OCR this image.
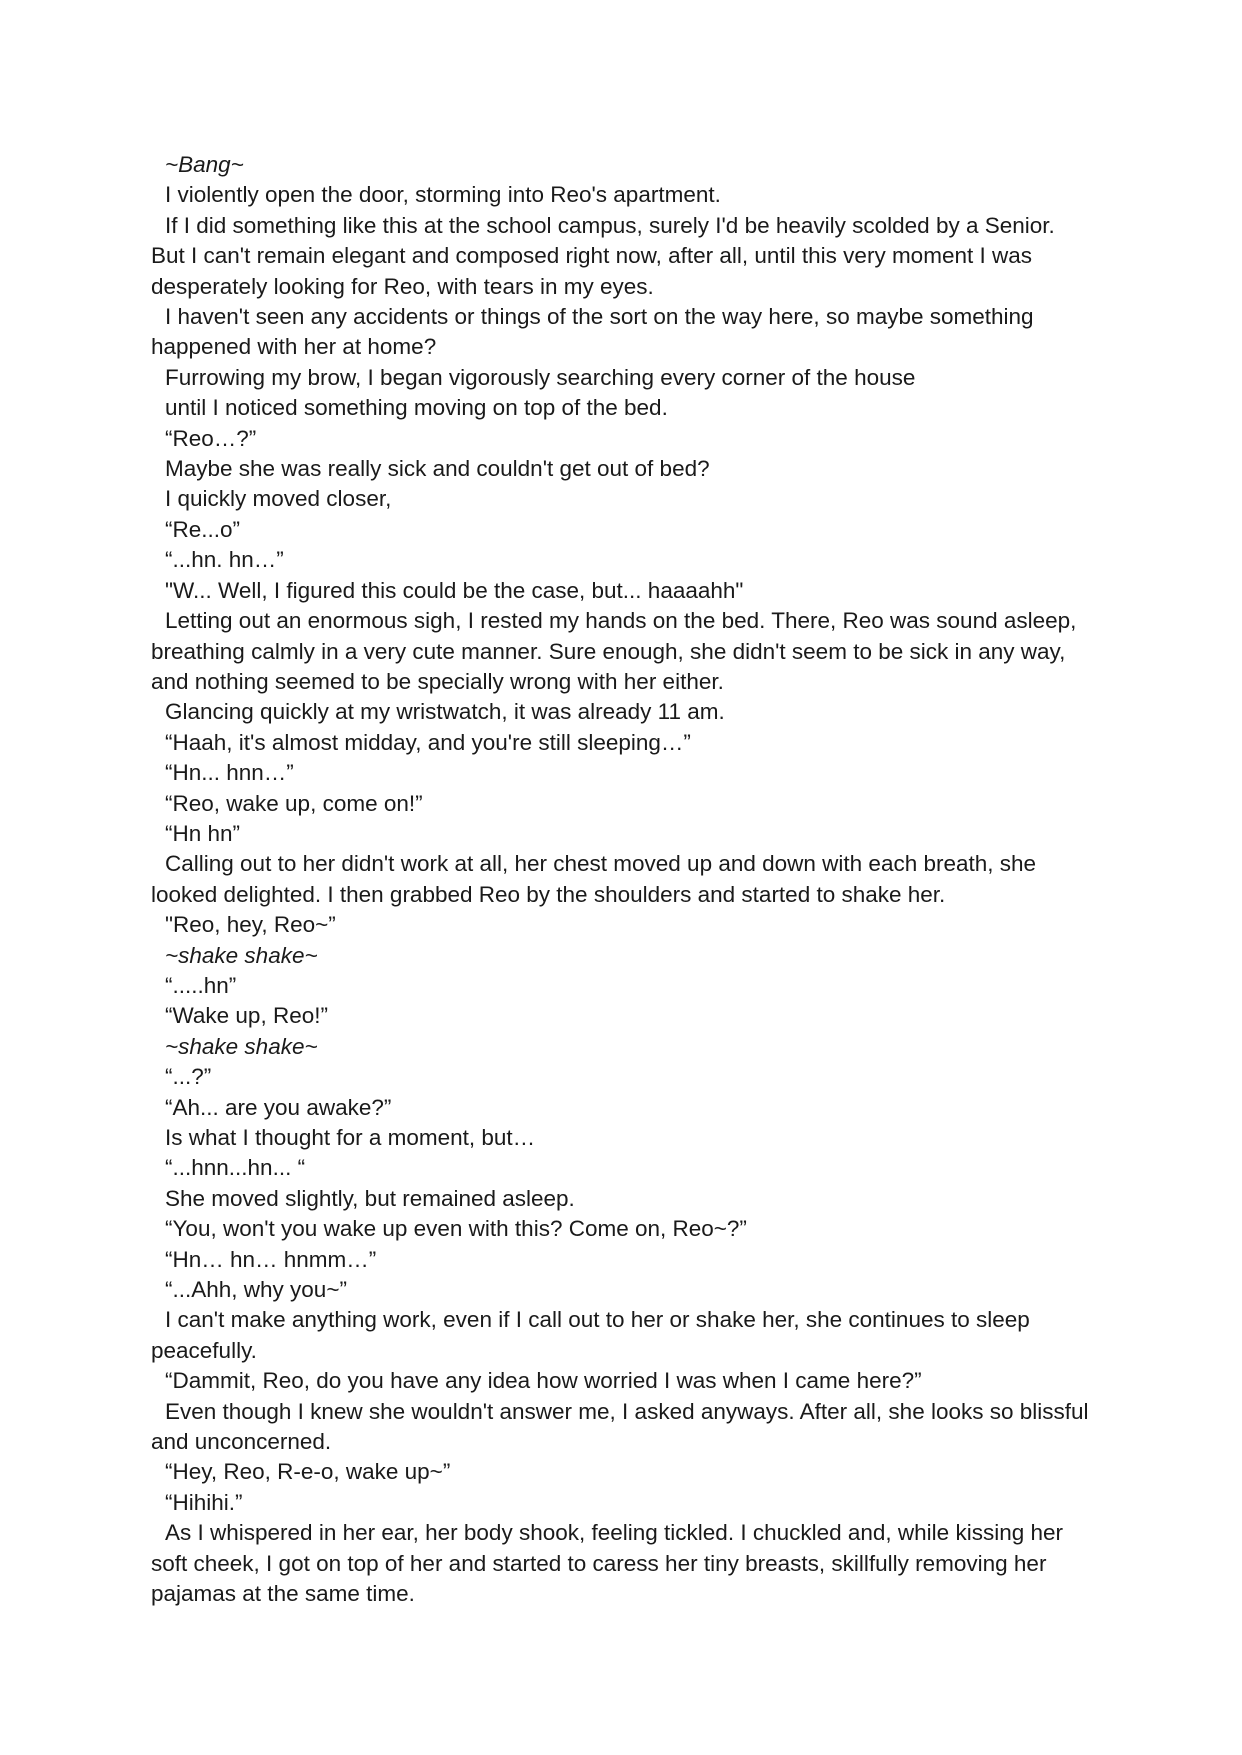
~Bang~

I violently open the door, storming into Reo's apartment.

If I did something like this at the school campus, surely I'd be heavily scolded by a Senior. But I can't remain elegant and composed right now, after all, until this very moment I was desperately looking for Reo, with tears in my eyes.

I haven't seen any accidents or things of the sort on the way here, so maybe something happened with her at home?

Furrowing my brow, I began vigorously searching every corner of the house

until I noticed something moving on top of the bed.

“Reo…?”

Maybe she was really sick and couldn't get out of bed?

I quickly moved closer,

“Re...o”

“...hn. hn…”

"W... Well, I figured this could be the case, but... haaaahh"

Letting out an enormous sigh, I rested my hands on the bed. There, Reo was sound asleep, breathing calmly in a very cute manner. Sure enough, she didn't seem to be sick in any way, and nothing seemed to be specially wrong with her either.

Glancing quickly at my wristwatch, it was already 11 am.

“Haah, it's almost midday, and you're still sleeping…”

“Hn... hnn…”

“Reo, wake up, come on!”

“Hn hn”

Calling out to her didn't work at all, her chest moved up and down with each breath, she looked delighted. I then grabbed Reo by the shoulders and started to shake her.

"Reo, hey, Reo~”

~shake shake~

“.....hn”

“Wake up, Reo!”

~shake shake~

“...?”

“Ah... are you awake?”

Is what I thought for a moment, but…

“...hnn...hn... “

She moved slightly, but remained asleep.

“You, won't you wake up even with this? Come on, Reo~?”

“Hn… hn… hnmm…”

“...Ahh, why you~”

I can't make anything work, even if I call out to her or shake her, she continues to sleep peacefully.

“Dammit, Reo, do you have any idea how worried I was when I came here?”

Even though I knew she wouldn't answer me, I asked anyways. After all, she looks so blissful and unconcerned.

“Hey, Reo, R-e-o, wake up~”

“Hihihi.”

As I whispered in her ear, her body shook, feeling tickled. I chuckled and, while kissing her soft cheek, I got on top of her and started to caress her tiny breasts, skillfully removing her pajamas at the same time.
